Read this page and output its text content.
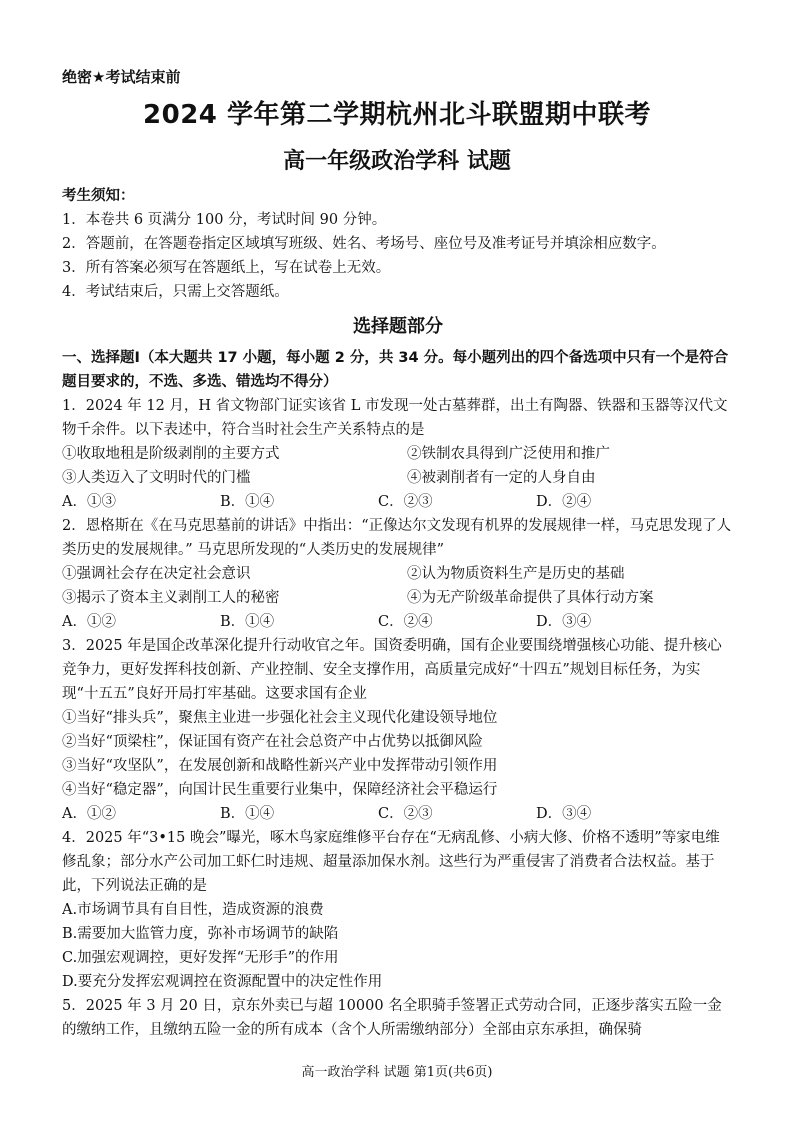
绝密★考试结束前
2024 学年第二学期杭州北斗联盟期中联考
高一年级政治学科 试题
考生须知：
1．本卷共 6 页满分 100 分，考试时间 90 分钟。
2．答题前，在答题卷指定区域填写班级、姓名、考场号、座位号及准考证号并填涂相应数字。
3．所有答案必须写在答题纸上，写在试卷上无效。
4．考试结束后，只需上交答题纸。
选择题部分
一、选择题Ⅰ（本大题共 17 小题，每小题 2 分，共 34 分。每小题列出的四个备选项中只有一个是符合题目要求的，不选、多选、错选均不得分）
1．2024 年 12 月，H 省文物部门证实该省 L 市发现一处古墓葬群，出土有陶器、铁器和玉器等汉代文物千余件。以下表述中，符合当时社会生产关系特点的是
①收取地租是阶级剥削的主要方式	②铁制农具得到广泛使用和推广
③人类迈入了文明时代的门槛	④被剥削者有一定的人身自由
A．①③	B．①④	C．②③	D．②④
2．恩格斯在《在马克思墓前的讲话》中指出：“正像达尔文发现有机界的发展规律一样，马克思发现了人类历史的发展规律。” 马克思所发现的“人类历史的发展规律”
①强调社会存在决定社会意识	②认为物质资料生产是历史的基础
③揭示了资本主义剥削工人的秘密	④为无产阶级革命提供了具体行动方案
A．①②	B．①④	C．②④	D．③④
3．2025 年是国企改革深化提升行动收官之年。国资委明确，国有企业要围绕增强核心功能、提升核心竞争力，更好发挥科技创新、产业控制、安全支撑作用，高质量完成好“十四五”规划目标任务，为实现“十五五”良好开局打牢基础。这要求国有企业
①当好“排头兵”，聚焦主业进一步强化社会主义现代化建设领导地位
②当好“顶梁柱”，保证国有资产在社会总资产中占优势以抵御风险
③当好“攻坚队”，在发展创新和战略性新兴产业中发挥带动引领作用
④当好“稳定器”，向国计民生重要行业集中，保障经济社会平稳运行
A．①②	B．①④	C．②③	D．③④
4．2025 年“3•15 晚会”曝光，啄木鸟家庭维修平台存在“无病乱修、小病大修、价格不透明”等家电维修乱象；部分水产公司加工虾仁时违规、超量添加保水剂。这些行为严重侵害了消费者合法权益。基于此，下列说法正确的是
A.市场调节具有自目性，造成资源的浪费
B.需要加大监管力度，弥补市场调节的缺陷
C.加强宏观调控，更好发挥“无形手”的作用
D.要充分发挥宏观调控在资源配置中的决定性作用
5．2025 年 3 月 20 日，京东外卖已与超 10000 名全职骑手签署正式劳动合同，正逐步落实五险一金的缴纳工作，且缴纳五险一金的所有成本（含个人所需缴纳部分）全部由京东承担，确保骑
高一政治学科 试题 第1页(共6页)
